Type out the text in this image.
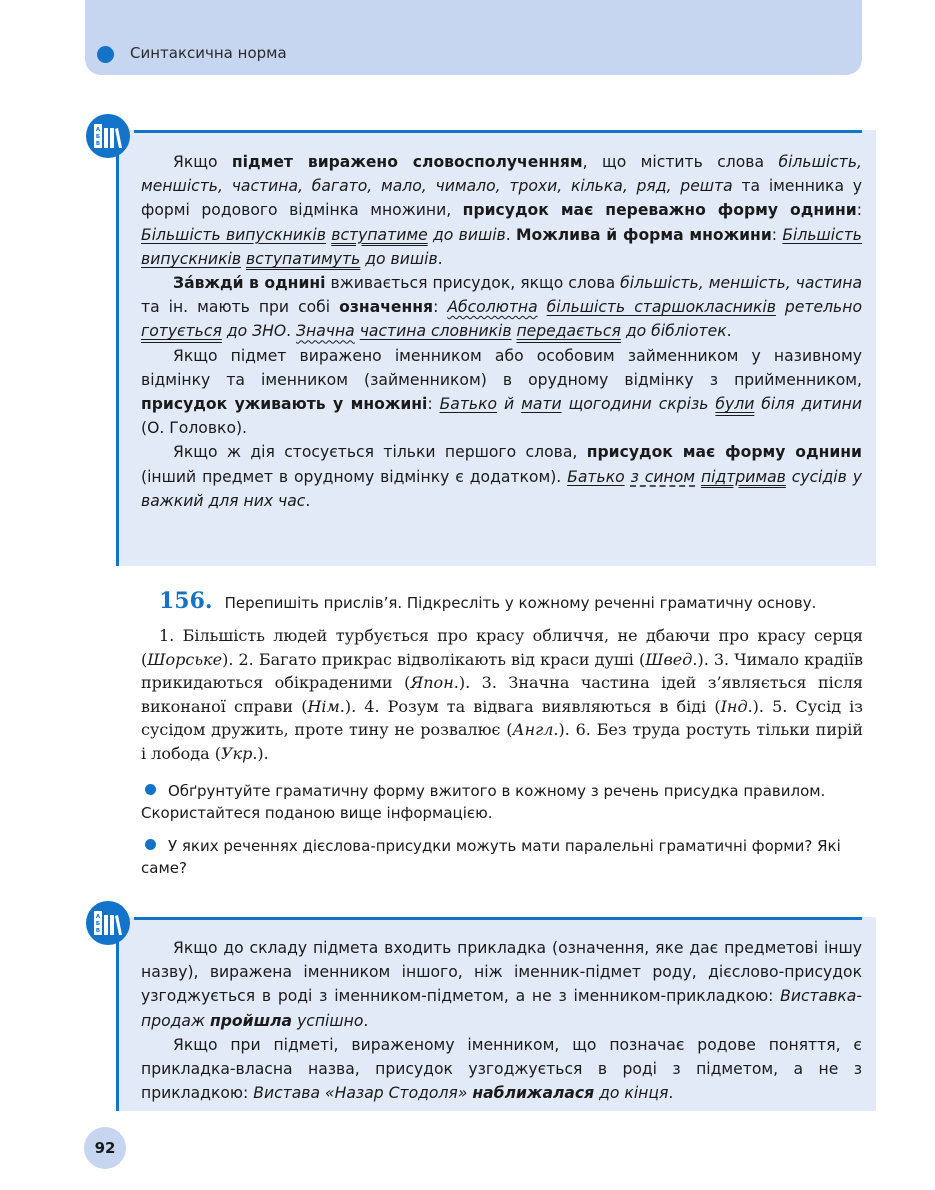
Синтаксична норма
А
Б
В

Якщо підмет виражено словосполученням, що містить слова більшість, меншість, частина, багато, мало, чимало, трохи, кілька, ряд, решта та іменника у формі родового відмінка множини, присудок має переважно форму однини: Більшість випускників вступатиме до вишів. Можлива й форма множини: Більшість випускників вступатимуть до вишів.

За́вжди́ в однині вживається присудок, якщо слова більшість, меншість, частина та ін. мають при собі означення: Абсолютна більшість старшокласників ретельно готується до ЗНО. Значна частина словників передається до бібліотек.

Якщо підмет виражено іменником або особовим займенником у називному відмінку та іменником (займенником) в орудному відмінку з прийменником, присудок уживають у множині: Батько й мати щогодини скрізь були біля дитини (О. Головко).

Якщо ж дія стосується тільки першого слова, присудок має форму однини (інший предмет в орудному відмінку є додатком). Батько з сином підтримав сусідів у важкий для них час.

156. Перепишіть прислів’я. Підкресліть у кожному реченні граматичну основу.

1. Більшість людей турбується про красу обличчя, не дбаючи про красу серця (Шорське). 2. Багато прикрас відволікають від краси душі (Швед.). 3. Чимало крадіїв прикидаються обікраденими (Япон.). 3. Значна частина ідей з’являється після виконаної справи (Нім.). 4. Розум та відвага виявляються в біді (Інд.). 5. Сусід із сусідом дружить, проте тину не розвалює (Англ.). 6. Без труда ростуть тільки пирій і лобода (Укр.).

Обґрунтуйте граматичну форму вжитого в кожному з речень присудка правилом. Скористайтеся поданою вище інформацією.
У яких реченнях дієслова-присудки можуть мати паралельні граматичні форми? Які саме?
А
Б
В

Якщо до складу підмета входить прикладка (означення, яке дає предметові іншу назву), виражена іменником іншого, ніж іменник-підмет роду, дієслово-присудок узгоджується в роді з іменником-підметом, а не з іменником-прикладкою: Виставка-продаж пройшла успішно.

Якщо при підметі, вираженому іменником, що позначає родове поняття, є прикладка-власна назва, присудок узгоджується в роді з підметом, а не з прикладкою: Вистава «Назар Стодоля» наближалася до кінця.

92
